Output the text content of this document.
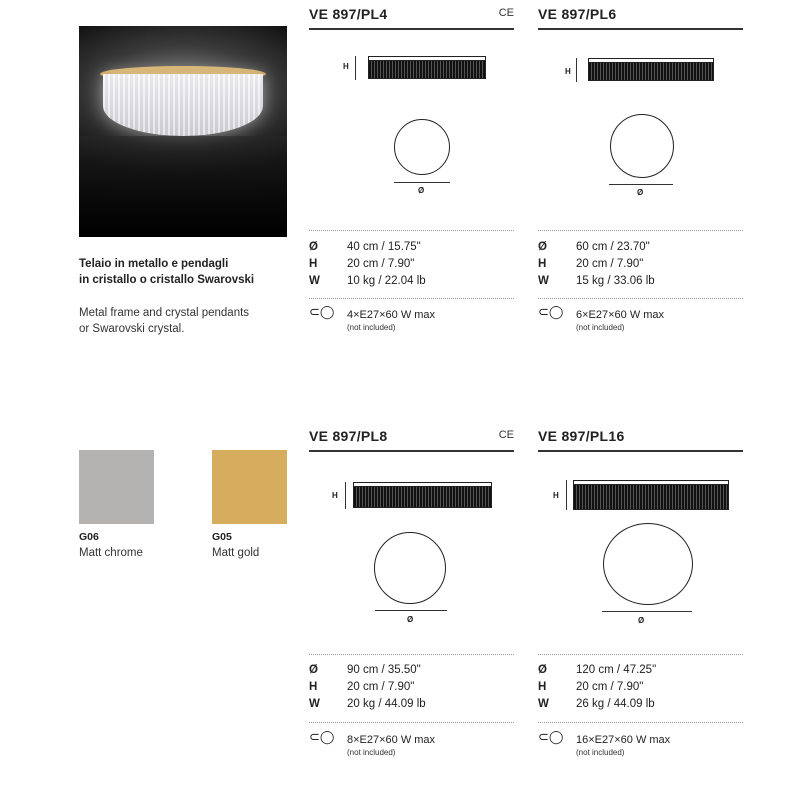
Telaio in metallo e pendagli
in cristallo o cristallo Swarovski
Metal frame and crystal pendants
or Swarovski crystal.
G06
Matt chrome
G05
Matt gold
VE 897/PL4	CE
H
Ø
Ø	40 cm / 15.75"
H	20 cm / 7.90"
W 10 kg / 22.04 lb
⊂◯ 4×E27×60 W max
(not included)
VE 897/PL6
H
Ø
Ø	60 cm / 23.70"
H	20 cm / 7.90"
W 15 kg / 33.06 lb
⊂◯ 6×E27×60 W max
(not included)
VE 897/PL8	CE
H
Ø
Ø	90 cm / 35.50"
H	20 cm / 7.90"
W 20 kg / 44.09 lb
⊂◯ 8×E27×60 W max
(not included)
VE 897/PL16
H
Ø
Ø	120 cm / 47.25"
H	20 cm / 7.90"
W 26 kg / 44.09 lb
⊂◯ 16×E27×60 W max
(not included)
